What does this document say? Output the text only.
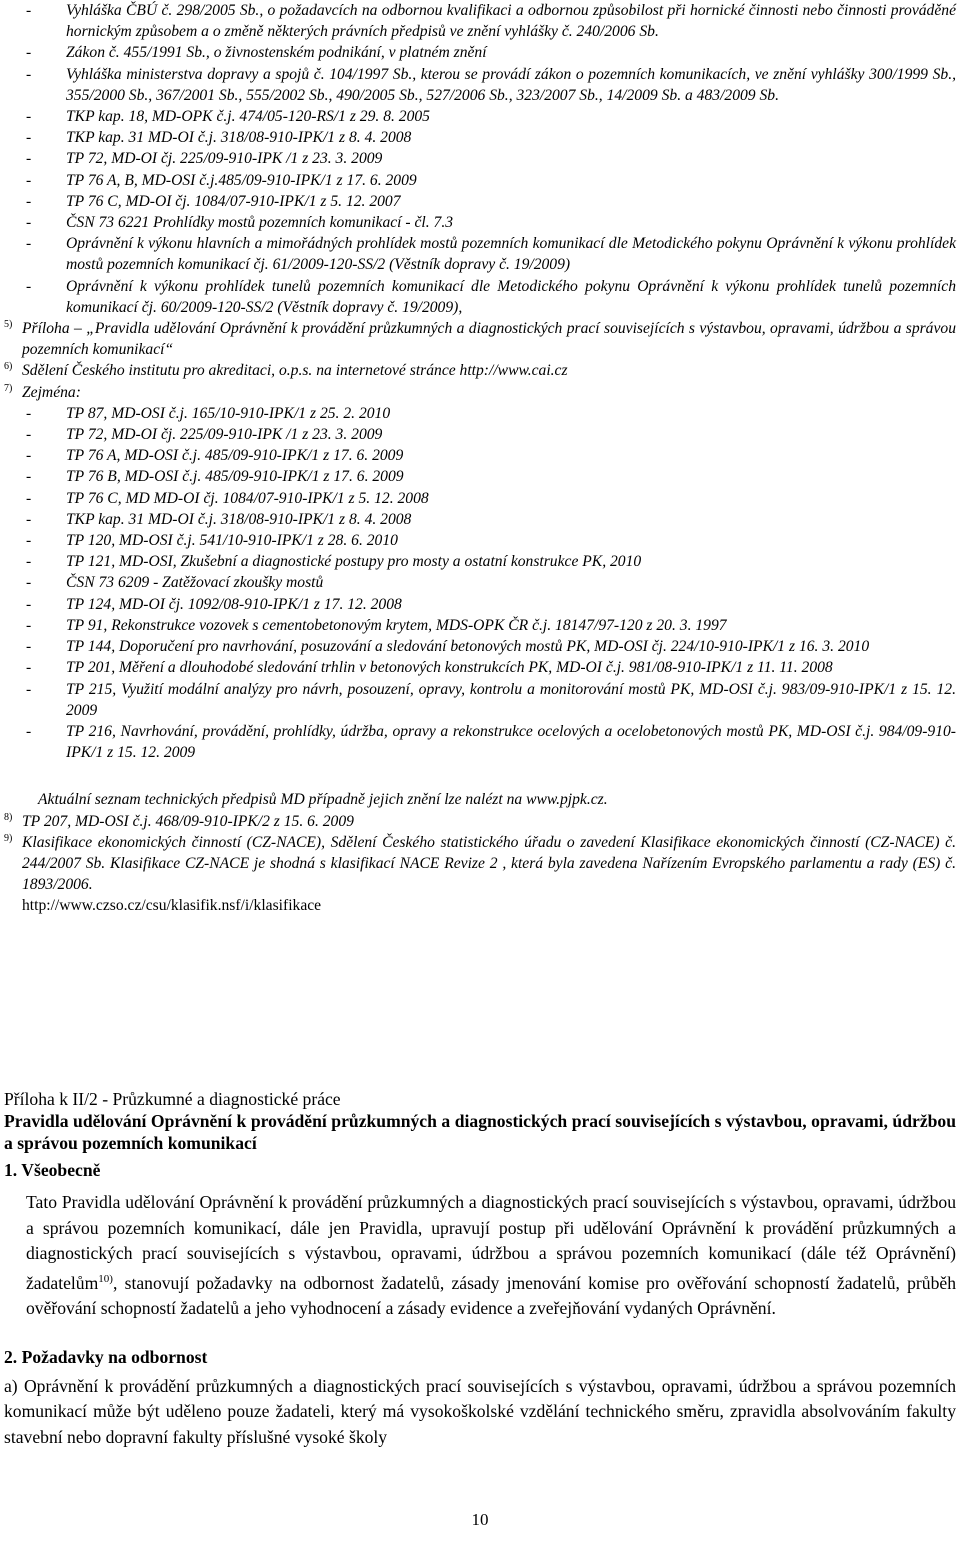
- Vyhláška ČBÚ č. 298/2005 Sb., o požadavcích na odbornou kvalifikaci a odbornou způsobilost při hornické činnosti nebo činnosti prováděné hornickým způsobem a o změně některých právních předpisů ve znění vyhlášky č. 240/2006 Sb.
- Zákon č. 455/1991 Sb., o živnostenském podnikání, v platném znění
- Vyhláška ministerstva dopravy a spojů č. 104/1997 Sb., kterou se provádí zákon o pozemních komunikacích, ve znění vyhlášky 300/1999 Sb., 355/2000 Sb., 367/2001 Sb., 555/2002 Sb., 490/2005 Sb., 527/2006 Sb., 323/2007 Sb., 14/2009 Sb. a 483/2009 Sb.
- TKP kap. 18, MD-OPK č.j. 474/05-120-RS/1 z 29. 8. 2005
- TKP kap. 31 MD-OI č.j. 318/08-910-IPK/1 z 8. 4. 2008
- TP 72, MD-OI čj. 225/09-910-IPK /1 z 23. 3. 2009
- TP 76 A, B, MD-OSI č.j.485/09-910-IPK/1 z 17. 6. 2009
- TP 76 C, MD-OI čj. 1084/07-910-IPK/1 z 5. 12. 2007
- ČSN 73 6221 Prohlídky mostů pozemních komunikací - čl. 7.3
- Oprávnění k výkonu hlavních a mimořádných prohlídek mostů pozemních komunikací dle Metodického pokynu Oprávnění k výkonu prohlídek mostů pozemních komunikací čj. 61/2009-120-SS/2 (Věstník dopravy č. 19/2009)
- Oprávnění k výkonu prohlídek tunelů pozemních komunikací dle Metodického pokynu Oprávnění k výkonu prohlídek tunelů pozemních komunikací čj. 60/2009-120-SS/2 (Věstník dopravy č. 19/2009),
5) Příloha – „Pravidla udělování Oprávnění k provádění průzkumných a diagnostických prací souvisejících s výstavbou, opravami, údržbou a správou pozemních komunikací“
6) Sdělení Českého institutu pro akreditaci, o.p.s. na internetové stránce http://www.cai.cz
7) Zejména:
- TP 87, MD-OSI č.j. 165/10-910-IPK/1 z 25. 2. 2010
- TP 72, MD-OI čj. 225/09-910-IPK /1 z 23. 3. 2009
- TP 76 A, MD-OSI č.j. 485/09-910-IPK/1 z 17. 6. 2009
- TP 76 B, MD-OSI č.j. 485/09-910-IPK/1 z 17. 6. 2009
- TP 76 C, MD MD-OI čj. 1084/07-910-IPK/1 z 5. 12. 2008
- TKP kap. 31 MD-OI č.j. 318/08-910-IPK/1 z 8. 4. 2008
- TP 120, MD-OSI č.j. 541/10-910-IPK/1 z 28. 6. 2010
- TP 121, MD-OSI, Zkušební a diagnostické postupy pro mosty a ostatní konstrukce PK, 2010
- ČSN 73 6209 - Zatěžovací zkoušky mostů
- TP 124, MD-OI čj. 1092/08-910-IPK/1 z 17. 12. 2008
- TP 91, Rekonstrukce vozovek s cementobetonovým krytem, MDS-OPK ČR č.j. 18147/97-120 z 20. 3. 1997
- TP 144, Doporučení pro navrhování, posuzování a sledování betonových mostů PK, MD-OSI čj. 224/10-910-IPK/1 z 16. 3. 2010
- TP 201, Měření a dlouhodobé sledování trhlin v betonových konstrukcích PK, MD-OI č.j. 981/08-910-IPK/1 z 11. 11. 2008
- TP 215, Využití modální analýzy pro návrh, posouzení, opravy, kontrolu a monitorování mostů PK, MD-OSI č.j. 983/09-910-IPK/1 z 15. 12. 2009
- TP 216, Navrhování, provádění, prohlídky, údržba, opravy a rekonstrukce ocelových a ocelobetonových mostů PK, MD-OSI č.j. 984/09-910-IPK/1 z 15. 12. 2009
Aktuální seznam technických předpisů MD případně jejich znění lze nalézt na www.pjpk.cz.
8) TP 207, MD-OSI č.j. 468/09-910-IPK/2 z 15. 6. 2009
9) Klasifikace ekonomických činností (CZ-NACE), Sdělení Českého statistického úřadu o zavedení Klasifikace ekonomických činností (CZ-NACE) č. 244/2007 Sb. Klasifikace CZ-NACE je shodná s klasifikací NACE Revize 2 , která byla zavedena Nařízením Evropského parlamentu a rady (ES) č. 1893/2006.
http://www.czso.cz/csu/klasifik.nsf/i/klasifikace
Příloha k II/2 - Průzkumné a diagnostické práce
Pravidla udělování Oprávnění k provádění průzkumných a diagnostických prací souvisejících s výstavbou, opravami, údržbou a správou pozemních komunikací
1. Všeobecně
Tato Pravidla udělování Oprávnění k provádění průzkumných a diagnostických prací souvisejících s výstavbou, opravami, údržbou a správou pozemních komunikací, dále jen Pravidla, upravují postup při udělování Oprávnění k provádění průzkumných a diagnostických prací souvisejících s výstavbou, opravami, údržbou a správou pozemních komunikací (dále též Oprávnění) žadatelům$^{10)}$, stanovují požadavky na odbornost žadatelů, zásady jmenování komise pro ověřování schopností žadatelů, průběh ověřování schopností žadatelů a jeho vyhodnocení a zásady evidence a zveřejňování vydaných Oprávnění.
2. Požadavky na odbornost
a) Oprávnění k provádění průzkumných a diagnostických prací souvisejících s výstavbou, opravami, údržbou a správou pozemních komunikací může být uděleno pouze žadateli, který má vysokoškolské vzdělání technického směru, zpravidla absolvováním fakulty stavební nebo dopravní fakulty příslušné vysoké školy
10
